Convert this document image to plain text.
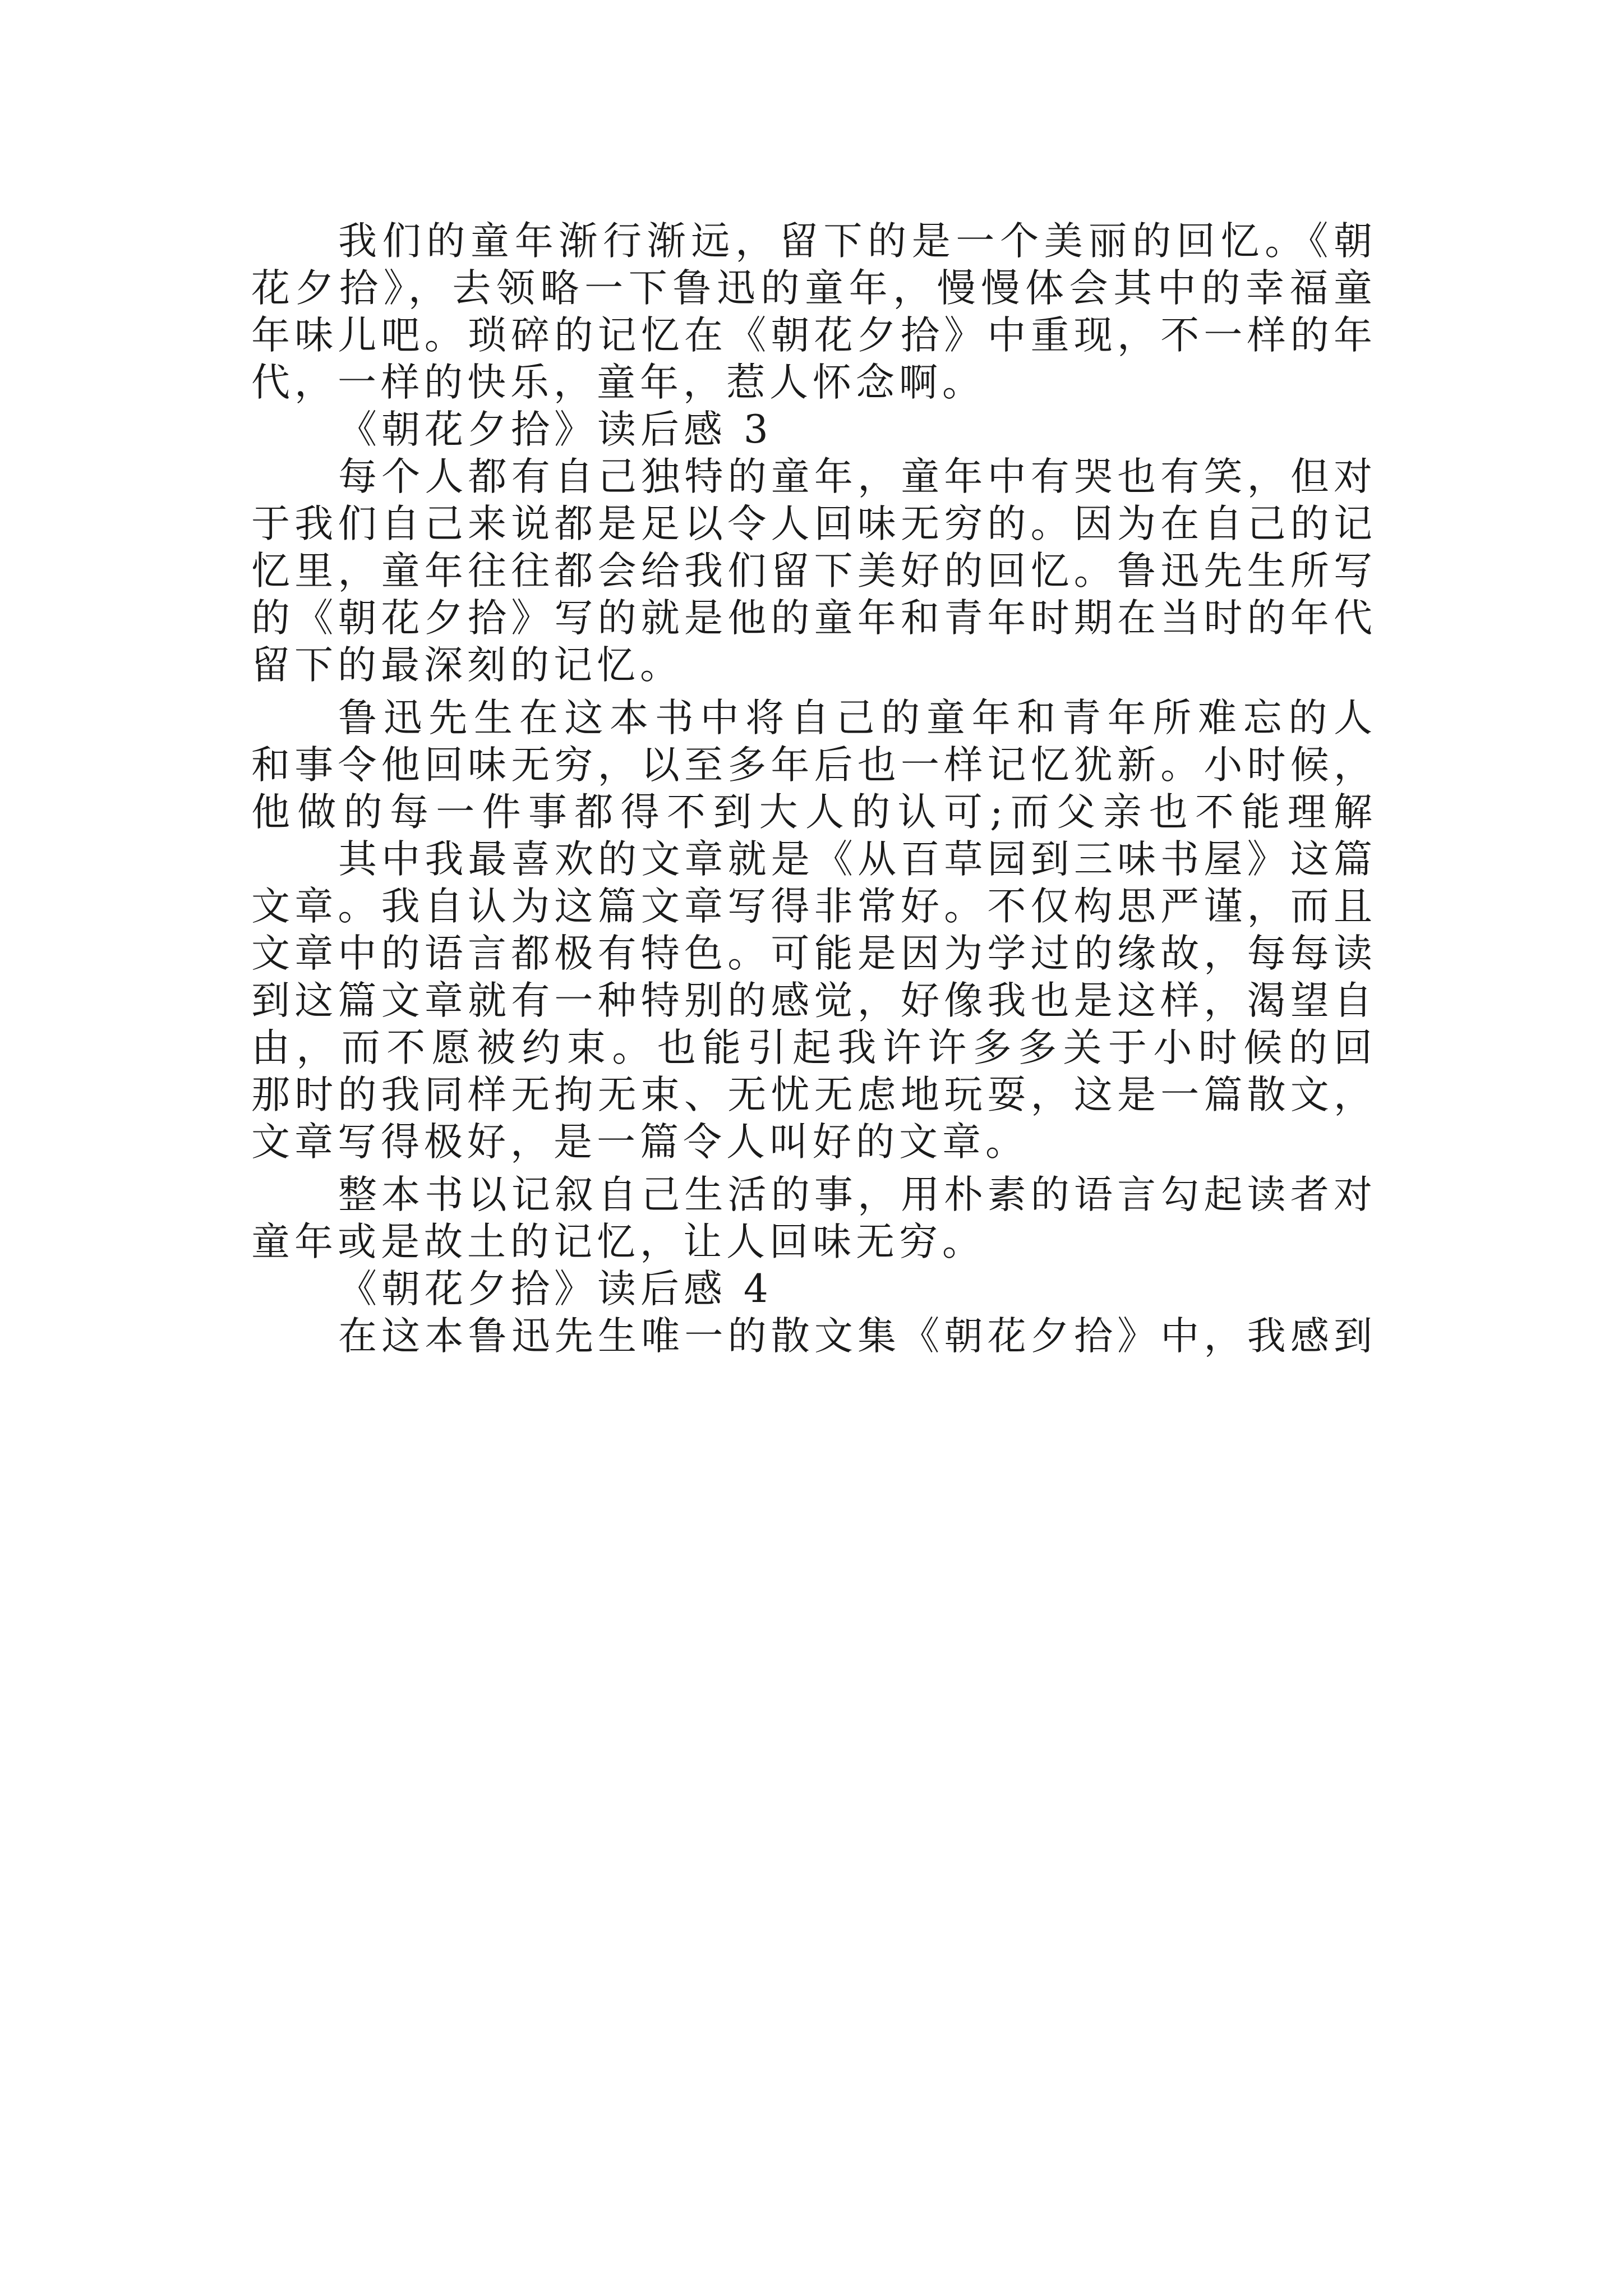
我们的童年渐行渐远，留下的是一个美丽的回忆。《朝
花夕拾》，去领略一下鲁迅的童年，慢慢体会其中的幸福童
年味儿吧。琐碎的记忆在《朝花夕拾》中重现，不一样的年
代，一样的快乐，童年，惹人怀念啊。
《朝花夕拾》读后感 3
每个人都有自己独特的童年，童年中有哭也有笑，但对
于我们自己来说都是足以令人回味无穷的。因为在自己的记
忆里，童年往往都会给我们留下美好的回忆。鲁迅先生所写
的《朝花夕拾》写的就是他的童年和青年时期在当时的年代
留下的最深刻的记忆。
鲁迅先生在这本书中将自己的童年和青年所难忘的人
和事令他回味无穷，以至多年后也一样记忆犹新。小时候，
他做的每一件事都得不到大人的认可;而父亲也不能理解
其中我最喜欢的文章就是《从百草园到三味书屋》这篇
文章。我自认为这篇文章写得非常好。不仅构思严谨，而且
文章中的语言都极有特色。可能是因为学过的缘故，每每读
到这篇文章就有一种特别的感觉，好像我也是这样，渴望自
由，而不愿被约束。也能引起我许许多多关于小时候的回
那时的我同样无拘无束、无忧无虑地玩耍，这是一篇散文，
文章写得极好，是一篇令人叫好的文章。
整本书以记叙自己生活的事，用朴素的语言勾起读者对
童年或是故土的记忆，让人回味无穷。
《朝花夕拾》读后感 4
在这本鲁迅先生唯一的散文集《朝花夕拾》中，我感到
